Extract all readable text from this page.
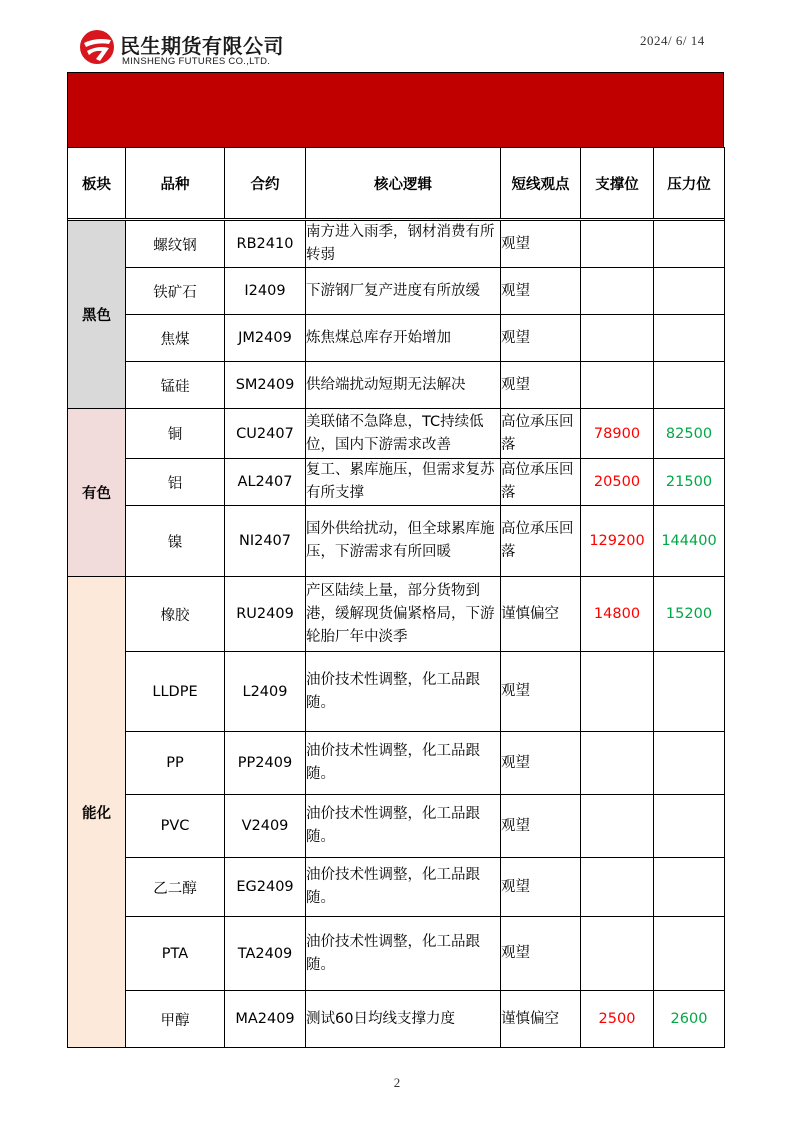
民生期货有限公司
MINSHENG FUTURES CO.,LTD.
2024/ 6/ 14
板块	品种	合约	核心逻辑	短线观点	支撑位	压力位

黑色	螺纹钢	RB2410	南方进入雨季，钢材消费有所转弱	观望		
	铁矿石	I2409	下游钢厂复产进度有所放缓	观望		
	焦煤	JM2409	炼焦煤总库存开始增加	观望		
	锰硅	SM2409	供给端扰动短期无法解决	观望		
有色	铜	CU2407	美联储不急降息，TC持续低位，国内下游需求改善	高位承压回落	78900	82500
	铝	AL2407	复工、累库施压，但需求复苏有所支撑	高位承压回落	20500	21500
	镍	NI2407	国外供给扰动，但全球累库施压，下游需求有所回暖	高位承压回落	129200	144400
能化	橡胶	RU2409	产区陆续上量，部分货物到港，缓解现货偏紧格局，下游轮胎厂年中淡季	谨慎偏空	14800	15200
	LLDPE	L2409	油价技术性调整，化工品跟随。	观望		
	PP	PP2409	油价技术性调整，化工品跟随。	观望		
	PVC	V2409	油价技术性调整，化工品跟随。	观望		
	乙二醇	EG2409	油价技术性调整，化工品跟随。	观望		
	PTA	TA2409	油价技术性调整，化工品跟随。	观望		
	甲醇	MA2409	测试60日均线支撑力度	谨慎偏空	2500	2600
2
